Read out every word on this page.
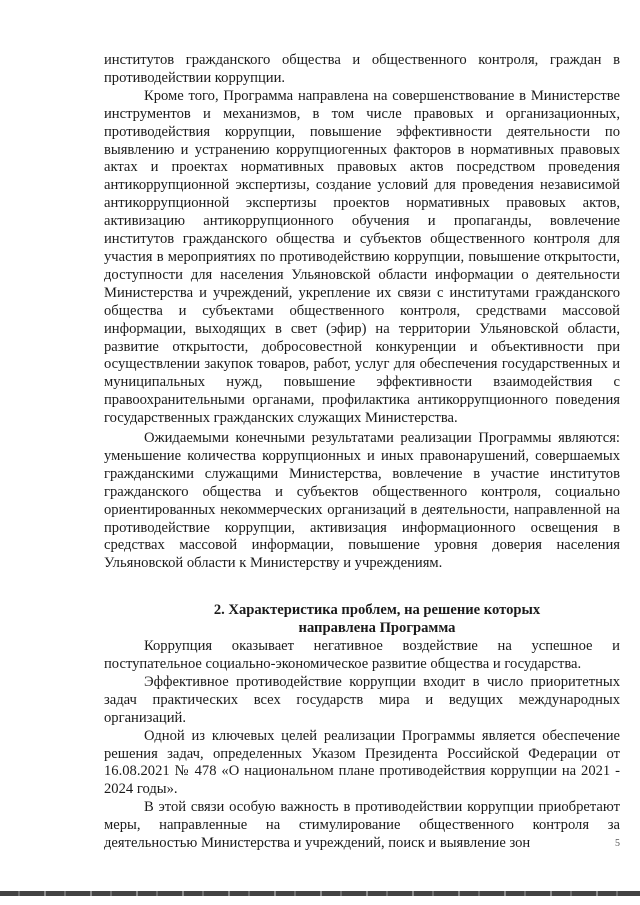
институтов гражданского общества и общественного контроля, граждан в противодействии коррупции.

Кроме того, Программа направлена на совершенствование в Министерстве инструментов и механизмов, в том числе правовых и организационных, противодействия коррупции, повышение эффективности деятельности по выявлению и устранению коррупциогенных факторов в нормативных правовых актах и проектах нормативных правовых актов посредством проведения антикоррупционной экспертизы, создание условий для проведения независимой антикоррупционной экспертизы проектов нормативных правовых актов, активизацию антикоррупционного обучения и пропаганды, вовлечение институтов гражданского общества и субъектов общественного контроля для участия в мероприятиях по противодействию коррупции, повышение открытости, доступности для населения Ульяновской области информации о деятельности Министерства и учреждений, укрепление их связи с институтами гражданского общества и субъектами общественного контроля, средствами массовой информации, выходящих в свет (эфир) на территории Ульяновской области, развитие открытости, добросовестной конкуренции и объективности при осуществлении закупок товаров, работ, услуг для обеспечения государственных и муниципальных нужд, повышение эффективности взаимодействия с правоохранительными органами, профилактика антикоррупционного поведения государственных гражданских служащих Министерства.

Ожидаемыми конечными результатами реализации Программы являются: уменьшение количества коррупционных и иных правонарушений, совершаемых гражданскими служащими Министерства, вовлечение в участие институтов гражданского общества и субъектов общественного контроля, социально ориентированных некоммерческих организаций в деятельности, направленной на противодействие коррупции, активизация информационного освещения в средствах массовой информации, повышение уровня доверия населения Ульяновской области к Министерству и учреждениям.

2. Характеристика проблем, на решение которых
направлена Программа

Коррупция оказывает негативное воздействие на успешное и поступательное социально-экономическое развитие общества и государства.

Эффективное противодействие коррупции входит в число приоритетных задач практических всех государств мира и ведущих международных организаций.

Одной из ключевых целей реализации Программы является обеспечение решения задач, определенных Указом Президента Российской Федерации от 16.08.2021 № 478 «О национальном плане противодействия коррупции на 2021 - 2024 годы».

В этой связи особую важность в противодействии коррупции приобретают меры, направленные на стимулирование общественного контроля за деятельностью Министерства и учреждений, поиск и выявление зон	5
